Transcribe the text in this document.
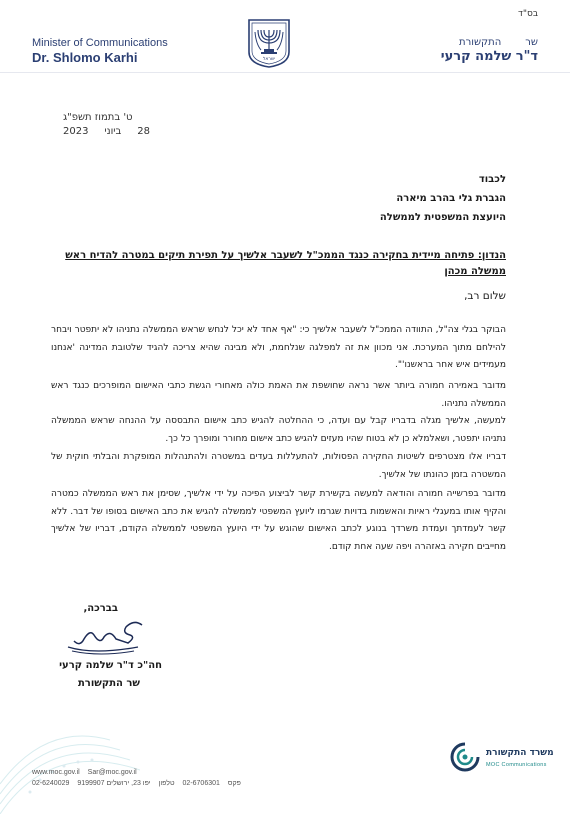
בס"ד
Minister of Communications
Dr. Shlomo Karhi	ישראל
שרהתקשורת
ד"ר שלמה קרעי
ט' בתמוז תשפ"ג
28     ביוני     2023
לכבוד
הגברת גלי בהרב מיארה
היועצת המשפטית לממשלה
הנדון: פתיחה מיידית בחקירה כנגד הממכ"ל לשעבר אלשיך על תפירת תיקים במטרה להדיח ראש ממשלה מכהן
שלום רב,
הבוקר בגלי צה"ל, התוודה הממכ"ל לשעבר אלשיך כי: "אף אחד לא יכל לנחש שראש הממשלה נתניהו לא יתפטר ויבחר להילחם מתוך המערכת. אני מכוון את זה למפלגה שנלחמת, ולא מבינה שהיא צריכה להגיד שלטובת המדינה 'אנחנו מעמידים איש אחר בראשנו'".
מדובר באמירה חמורה ביותר אשר נראה שחושפת את האמת כולה מאחורי הגשת כתבי האישום המופרכים כנגד ראש הממשלה נתניהו.
למעשה, אלשיך מגלה בדבריו קבל עם ועדה, כי ההחלטה להגיש כתב אישום התבססה על ההנחה שראש הממשלה נתניהו יתפטר, ושאלמלא כן לא בטוח שהיו מעזים להגיש כתב אישום מחורר ומופרך כל כך.
דבריו אלו מצטרפים לשיטות החקירה הפסולות, להתעללות בעדים במשטרה ולהתנהלות המופקרת והבלתי חוקית של המשטרה בזמן כהונתו של אלשיך.
מדובר בפרשייה חמורה והודאה למעשה בקשירת קשר לביצוע הפיכה על ידי אלשיך, שסימן את ראש הממשלה כמטרה והקיף אותו במעגלי ראיות והאשמות בדויות שגרמו ליועץ המשפטי לממשלה להגיש את כתב האישום בסופו של דבר. ללא קשר לעמדתך ועמדת משרדך בנוגע לכתב האישום שהוגש על ידי היועץ המשפטי לממשלה הקודם, דבריו של אלשיך מחייבים חקירה באזהרה ויפה שעה אחת קודם.
בברכה,
חה"כ ד"ר שלמה קרעי
שר התקשורת
משרד התקשורת
MOC Communications
www.moc.gov.il Sar@moc.gov.il
02-6240029	פקס 02-6706301 טלפון יפו 23, ירושלים 9199907
